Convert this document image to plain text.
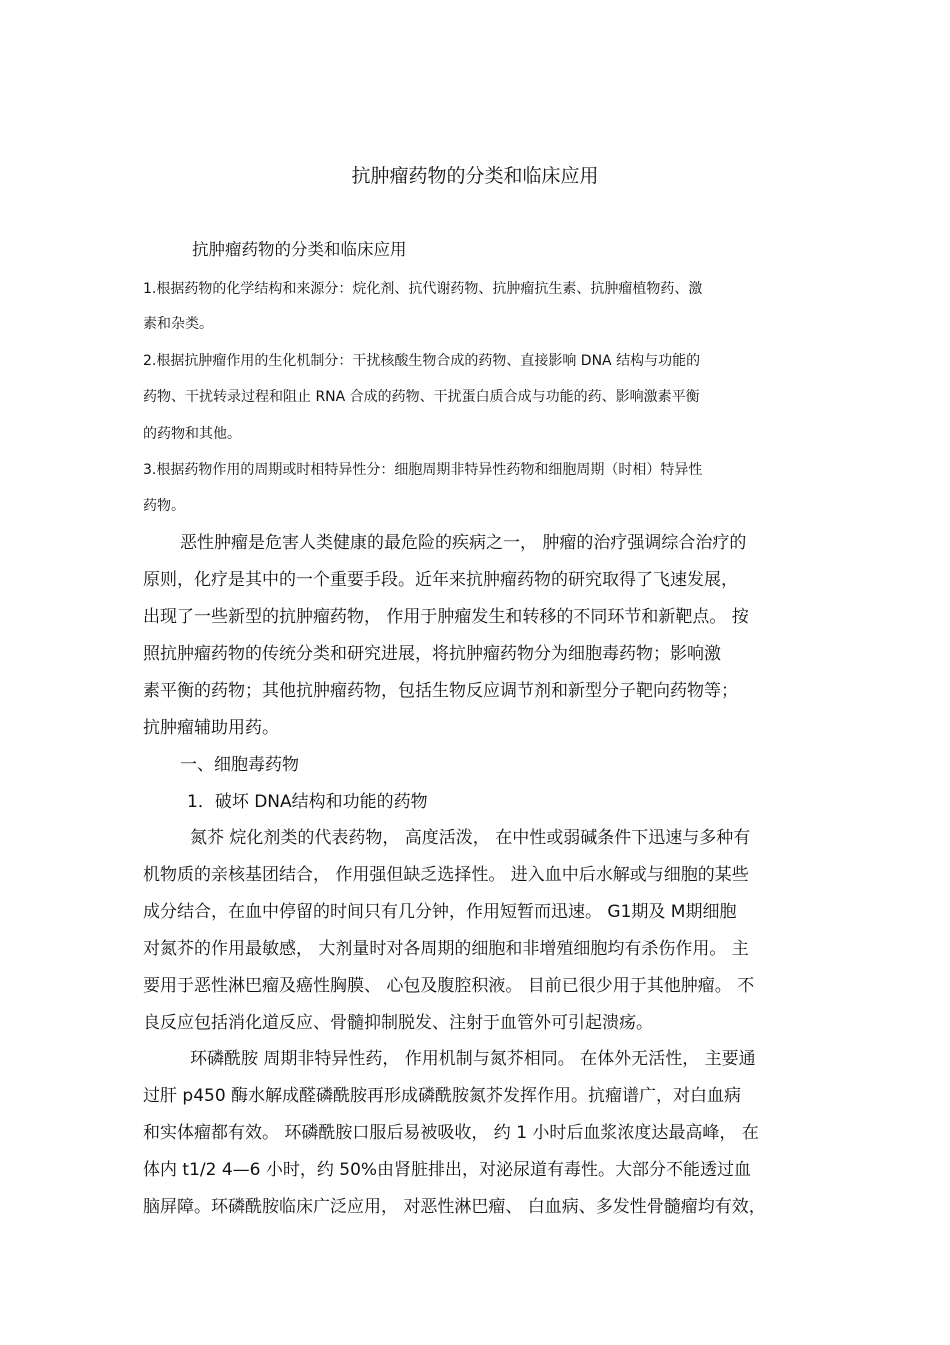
抗肿瘤药物的分类和临床应用
抗肿瘤药物的分类和临床应用
1.根据药物的化学结构和来源分：烷化剂、抗代谢药物、抗肿瘤抗生素、抗肿瘤植物药、激
素和杂类。
2.根据抗肿瘤作用的生化机制分：干扰核酸生物合成的药物、直接影响 DNA 结构与功能的
药物、干扰转录过程和阻止 RNA 合成的药物、干扰蛋白质合成与功能的药、影响激素平衡
的药物和其他。
3.根据药物作用的周期或时相特异性分：细胞周期非特异性药物和细胞周期（时相）特异性
药物。
恶性肿瘤是危害人类健康的最危险的疾病之一， 肿瘤的治疗强调综合治疗的
原则，化疗是其中的一个重要手段。近年来抗肿瘤药物的研究取得了飞速发展，
出现了一些新型的抗肿瘤药物， 作用于肿瘤发生和转移的不同环节和新靶点。 按
照抗肿瘤药物的传统分类和研究进展，将抗肿瘤药物分为细胞毒药物；影响激
素平衡的药物；其他抗肿瘤药物，包括生物反应调节剂和新型分子靶向药物等；
抗肿瘤辅助用药。
一、细胞毒药物
1．破坏 DNA结构和功能的药物
氮芥 烷化剂类的代表药物， 高度活泼， 在中性或弱碱条件下迅速与多种有
机物质的亲核基团结合， 作用强但缺乏选择性。 进入血中后水解或与细胞的某些
成分结合，在血中停留的时间只有几分钟，作用短暂而迅速。 G1期及 M期细胞
对氮芥的作用最敏感， 大剂量时对各周期的细胞和非增殖细胞均有杀伤作用。 主
要用于恶性淋巴瘤及癌性胸膜、 心包及腹腔积液。 目前已很少用于其他肿瘤。 不
良反应包括消化道反应、骨髓抑制脱发、注射于血管外可引起溃疡。
环磷酰胺 周期非特异性药， 作用机制与氮芥相同。 在体外无活性， 主要通
过肝 p450 酶水解成醛磷酰胺再形成磷酰胺氮芥发挥作用。抗瘤谱广，对白血病
和实体瘤都有效。 环磷酰胺口服后易被吸收， 约 1 小时后血浆浓度达最高峰， 在
体内 t1/2 4—6 小时，约 50%由肾脏排出，对泌尿道有毒性。大部分不能透过血
脑屏障。环磷酰胺临床广泛应用， 对恶性淋巴瘤、 白血病、多发性骨髓瘤均有效，
